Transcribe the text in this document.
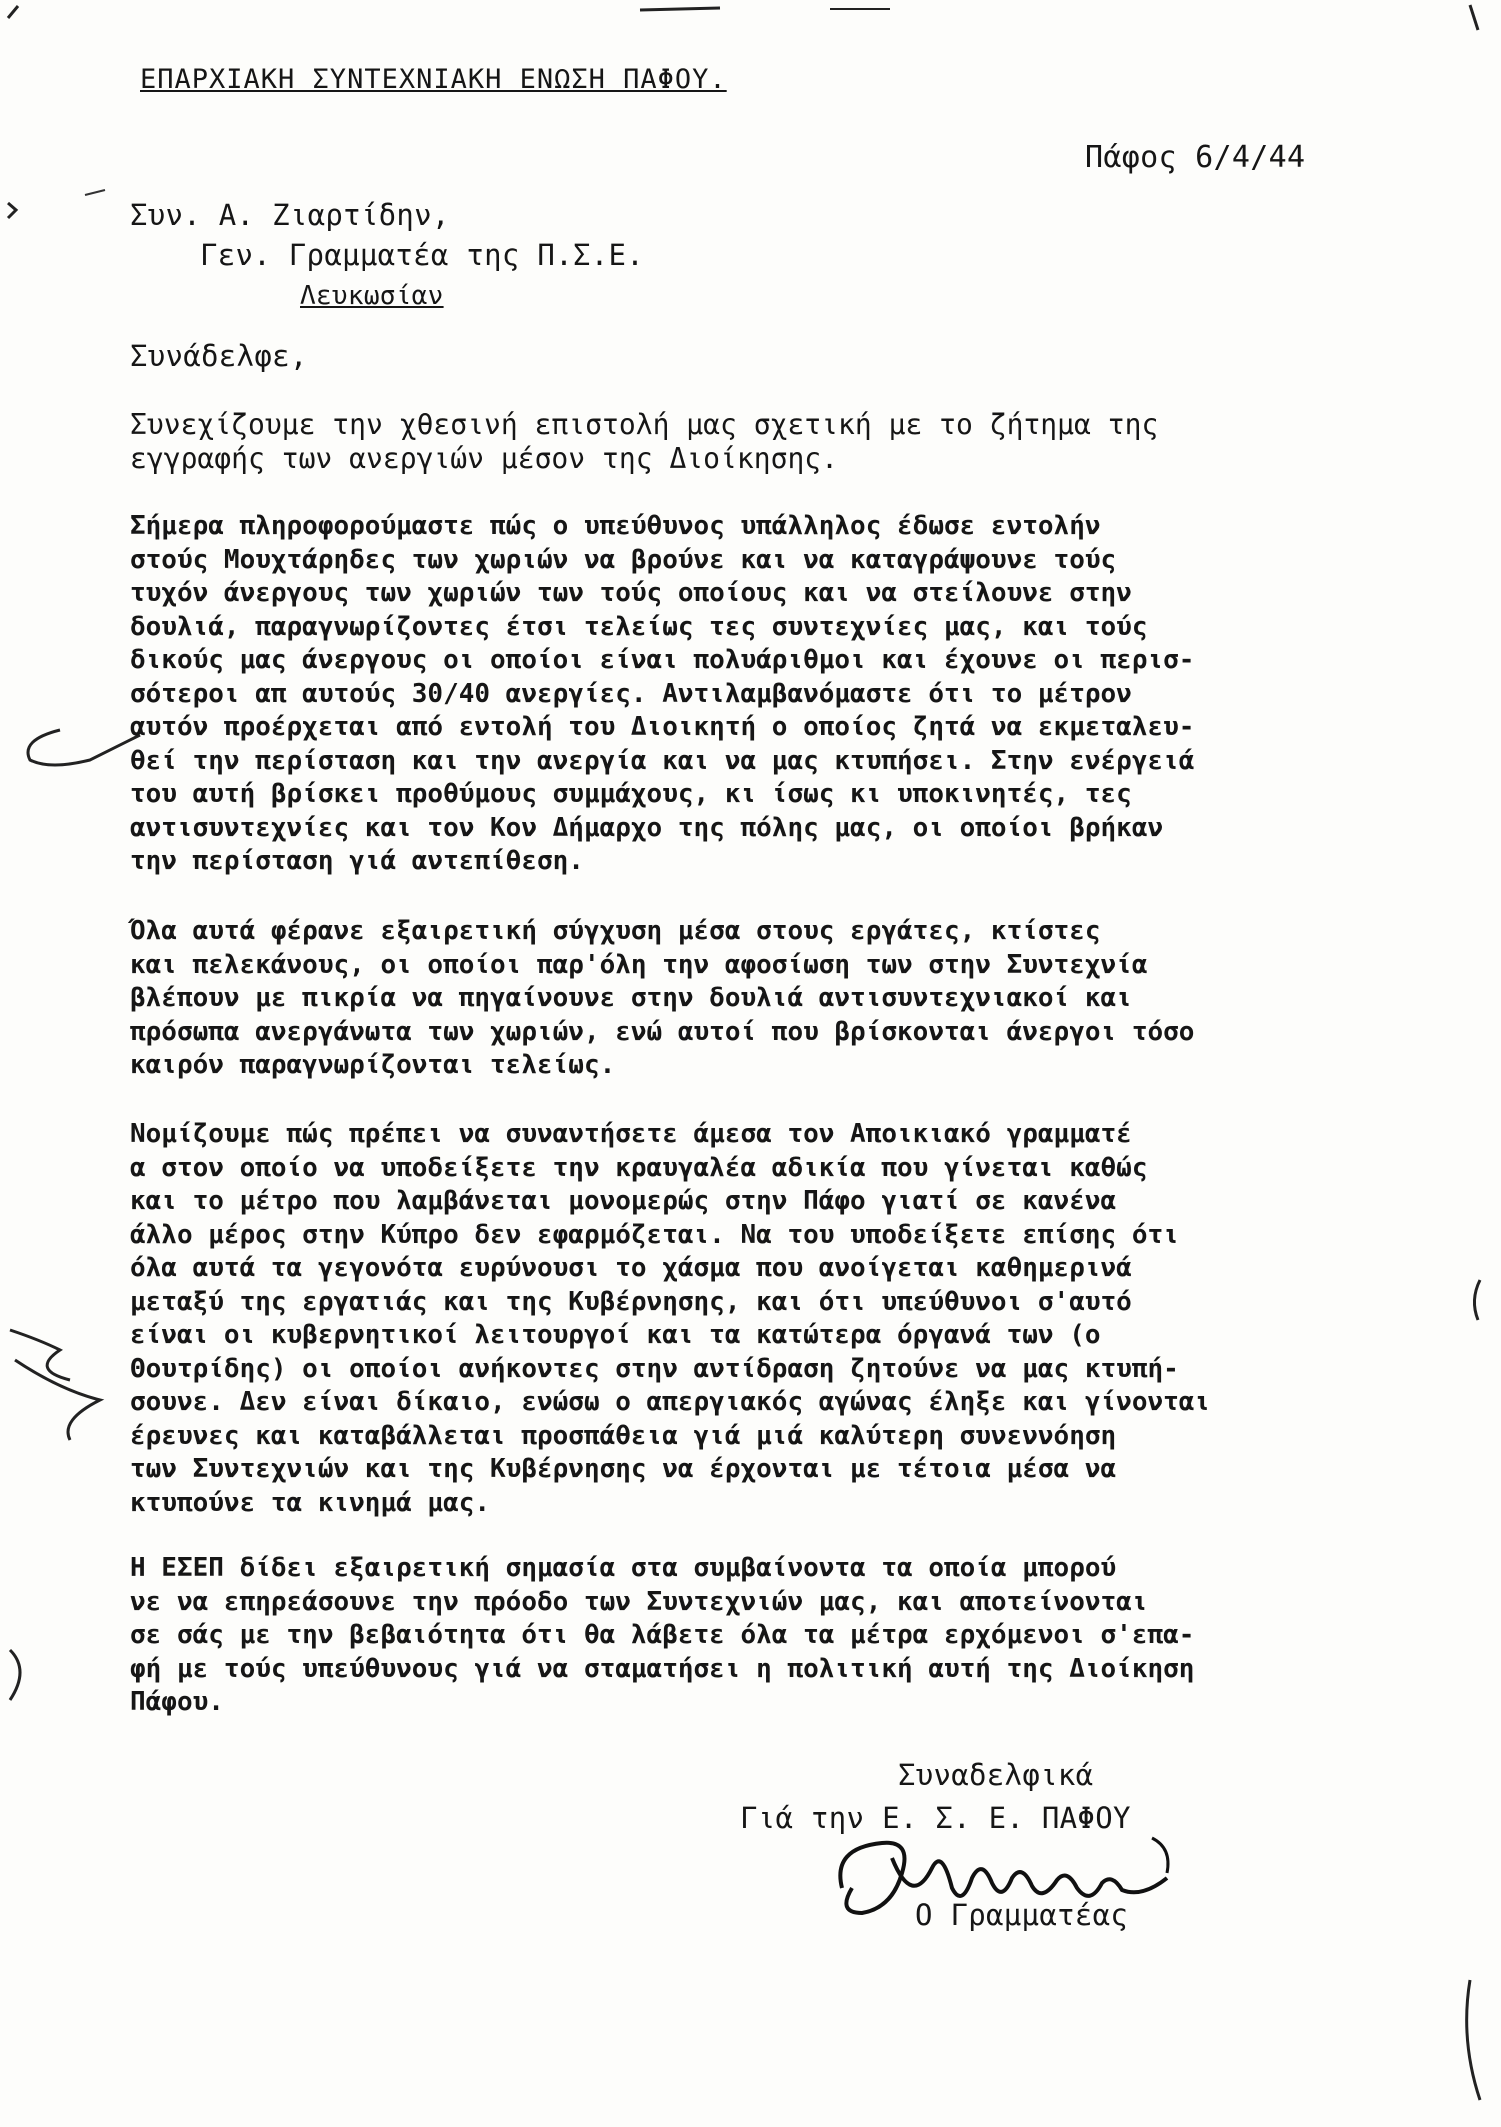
ΕΠΑΡΧΙΑΚΗ ΣΥΝΤΕΧΝΙΑΚΗ ΕΝΩΣΗ ΠΑΦΟΥ.
Πάφος 6/4/44
Συν. Α. Ζιαρτίδην,
Γεν. Γραμματέα της Π.Σ.Ε.
Λευκωσίαν
Συνάδελφε,
Συνεχίζουμε την χθεσινή επιστολή μας σχετική με το ζήτημα της
εγγραφής των ανεργιών μέσον της Διοίκησης.
Σήμερα πληροφορούμαστε πώς ο υπεύθυνος υπάλληλος έδωσε εντολήν
στούς Μουχτάρηδες των χωριών να βρούνε και να καταγράψουνε τούς
τυχόν άνεργους των χωριών των τούς οποίους και να στείλουνε στην
δουλιά, παραγνωρίζοντες έτσι τελείως τες συντεχνίες μας, και τούς
δικούς μας άνεργους οι οποίοι είναι πολυάριθμοι και έχουνε οι περισ-
σότεροι απ αυτούς 30/40 ανεργίες. Αντιλαμβανόμαστε ότι το μέτρον
αυτόν προέρχεται από εντολή του Διοικητή ο οποίος ζητά να εκμεταλευ-
θεί την περίσταση και την ανεργία και να μας κτυπήσει. Στην ενέργειά
του αυτή βρίσκει προθύμους συμμάχους, κι ίσως κι υποκινητές, τες
αντισυντεχνίες και τον Κον Δήμαρχο της πόλης μας, οι οποίοι βρήκαν
την περίσταση γιά αντεπίθεση.
Όλα αυτά φέρανε εξαιρετική σύγχυση μέσα στους εργάτες, κτίστες
και πελεκάνους, οι οποίοι παρ'όλη την αφοσίωση των στην Συντεχνία
βλέπουν με πικρία να πηγαίνουνε στην δουλιά αντισυντεχνιακοί και
πρόσωπα ανεργάνωτα των χωριών, ενώ αυτοί που βρίσκονται άνεργοι τόσο
καιρόν παραγνωρίζονται τελείως.
Νομίζουμε πώς πρέπει να συναντήσετε άμεσα τον Αποικιακό γραμματέ
α στον οποίο να υποδείξετε την κραυγαλέα αδικία που γίνεται καθώς
και το μέτρο που λαμβάνεται μονομερώς στην Πάφο γιατί σε κανένα
άλλο μέρος στην Κύπρο δεν εφαρμόζεται. Να του υποδείξετε επίσης ότι
όλα αυτά τα γεγονότα ευρύνουσι το χάσμα που ανοίγεται καθημερινά
μεταξύ της εργατιάς και της Κυβέρνησης, και ότι υπεύθυνοι σ'αυτό
είναι οι κυβερνητικοί λειτουργοί και τα κατώτερα όργανά των (ο
Θουτρίδης) οι οποίοι ανήκοντες στην αντίδραση ζητούνε να μας κτυπή-
σουνε. Δεν είναι δίκαιο, ενώσω ο απεργιακός αγώνας έληξε και γίνονται
έρευνες και καταβάλλεται προσπάθεια γιά μιά καλύτερη συνεννόηση
των Συντεχνιών και της Κυβέρνησης να έρχονται με τέτοια μέσα να
κτυπούνε τα κινημά μας.
Η ΕΣΕΠ δίδει εξαιρετική σημασία στα συμβαίνοντα τα οποία μπορού
νε να επηρεάσουνε την πρόοδο των Συντεχνιών μας, και αποτείνονται
σε σάς με την βεβαιότητα ότι θα λάβετε όλα τα μέτρα ερχόμενοι σ'επα-
φή με τούς υπεύθυνους γιά να σταματήσει η πολιτική αυτή της Διοίκηση
Πάφου.
Συναδελφικά
Γιά την Ε. Σ. Ε. ΠΑΦΟΥ
Ο Γραμματέας
